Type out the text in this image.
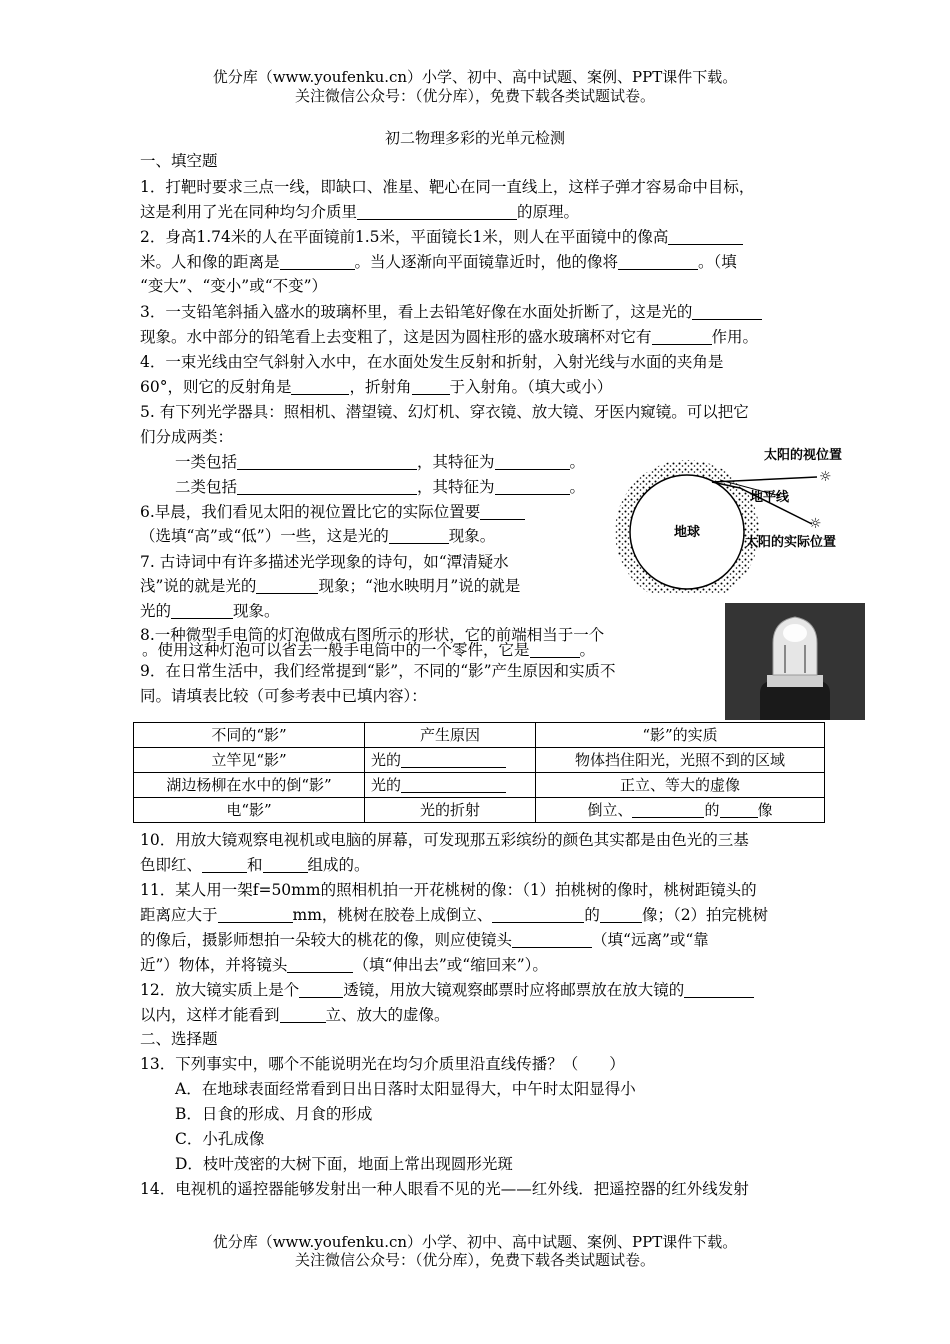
优分库（www.youfenku.cn）小学、初中、高中试题、案例、PPT课件下载。
关注微信公众号：（优分库），免费下载各类试题试卷。
初二物理多彩的光单元检测
一、填空题
1．打靶时要求三点一线，即缺口、准星、靶心在同一直线上，这样子弹才容易命中目标，
这是利用了光在同种均匀介质里	的原理。
2．身高1.74米的人在平面镜前1.5米，平面镜长1米，则人在平面镜中的像高
米。人和像的距离是	。当人逐渐向平面镜靠近时，他的像将	。（填
“变大”、“变小”或“不变”）
3．一支铅笔斜插入盛水的玻璃杯里，看上去铅笔好像在水面处折断了，这是光的
现象。水中部分的铅笔看上去变粗了，这是因为圆柱形的盛水玻璃杯对它有	作用。
4．一束光线由空气斜射入水中，在水面处发生反射和折射，入射光线与水面的夹角是
60°，则它的反射角是	，折射角 于入射角。（填大或小）
5. 有下列光学器具：照相机、潜望镜、幻灯机、穿衣镜、放大镜、牙医内窥镜。可以把它
们分成两类：
一类包括	，其特征为	。
二类包括	，其特征为	。
6.早晨，我们看见太阳的视位置比它的实际位置要
（选填“高”或“低”）一些，这是光的	现象。
7. 古诗词中有许多描述光学现象的诗句，如“潭清疑水
浅”说的就是光的	现象；“池水映明月”说的就是
光的	现象。
8.一种微型手电筒的灯泡做成右图所示的形状，它的前端相当于一个
。使用这种灯泡可以省去一般手电筒中的一个零件，它是	。
9．在日常生活中，我们经常提到“影”，不同的“影”产生原因和实质不
同。请填表比较（可参考表中已填内容）：
不同的“影”	产生原因	“影”的实质
立竿见“影”	光的	物体挡住阳光，光照不到的区域
湖边杨柳在水中的倒“影”	光的	正立、等大的虚像
电“影”	光的折射	倒立、 的 像
10．用放大镜观察电视机或电脑的屏幕，可发现那五彩缤纷的颜色其实都是由色光的三基
色即红、	和	组成的。
11．某人用一架f=50mm的照相机拍一开花桃树的像：（1）拍桃树的像时，桃树距镜头的
距离应大于	mm，桃树在胶卷上成倒立、	的	像；（2）拍完桃树
的像后，摄影师想拍一朵较大的桃花的像，则应使镜头	（填“远离”或“靠
近”）物体，并将镜头	（填“伸出去”或“缩回来”）。
12．放大镜实质上是个	透镜，用放大镜观察邮票时应将邮票放在放大镜的
以内，这样才能看到	立、放大的虚像。
二、选择题
13．下列事实中，哪个不能说明光在均匀介质里沿直线传播？（　　）
A．在地球表面经常看到日出日落时太阳显得大，中午时太阳显得小
B．日食的形成、月食的形成
C．小孔成像
D．枝叶茂密的大树下面，地面上常出现圆形光斑
14．电视机的遥控器能够发射出一种人眼看不见的光——红外线．把遥控器的红外线发射
地球
☼
☼
太阳的视位置
地平线
太阳的实际位置
优分库（www.youfenku.cn）小学、初中、高中试题、案例、PPT课件下载。
关注微信公众号：（优分库），免费下载各类试题试卷。
